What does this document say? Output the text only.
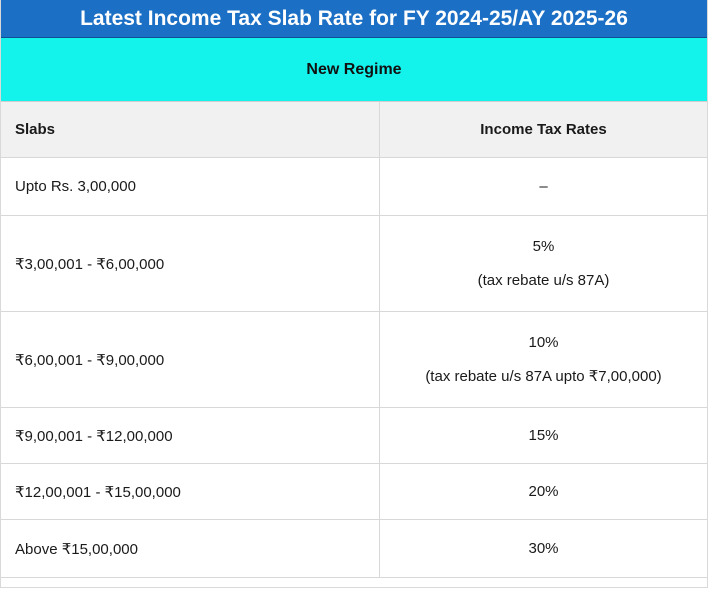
Latest Income Tax Slab Rate for FY 2024-25/AY 2025-26
New Regime
Slabs	Income Tax Rates
Upto Rs. 3,00,000	–
₹3,00,001 - ₹6,00,000	5%
(tax rebate u/s 87A)

₹6,00,001 - ₹9,00,000	10%
(tax rebate u/s 87A upto ₹7,00,000)

₹9,00,001 - ₹12,00,000	15%
₹12,00,001 - ₹15,00,000	20%
Above ₹15,00,000	30%
